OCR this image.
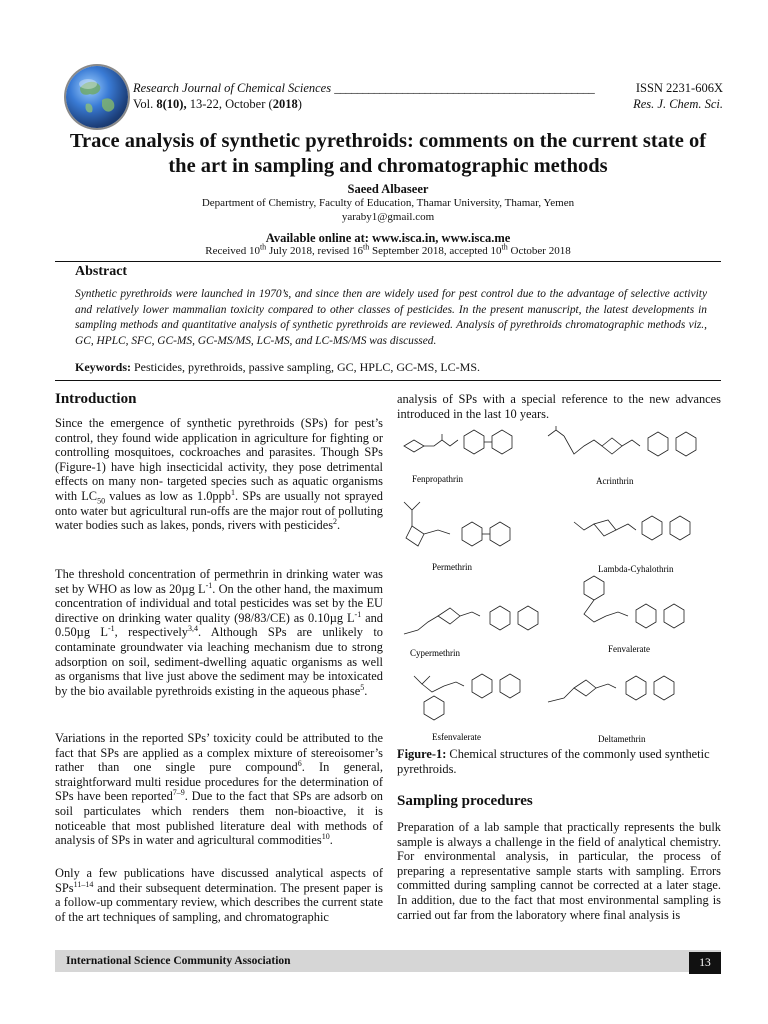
Research Journal of Chemical Sciences ______________________________________________	ISSN 2231-606X
Vol. 8(10), 13-22, October (2018)	Res. J. Chem. Sci.
Trace analysis of synthetic pyrethroids: comments on the current state of the art in sampling and chromatographic methods
Saeed Albaseer
Department of Chemistry, Faculty of Education, Thamar University, Thamar, Yemen
yaraby1@gmail.com
Available online at: www.isca.in, www.isca.me
Received 10th July 2018, revised 16th September 2018, accepted 10th October 2018
Abstract
Synthetic pyrethroids were launched in 1970’s, and since then are widely used for pest control due to the advantage of selective activity and relatively lower mammalian toxicity compared to other classes of pesticides. In the present manuscript, the latest developments in sampling methods and quantitative analysis of synthetic pyrethroids are reviewed. Analysis of pyrethroids chromatographic methods viz., GC, HPLC, SFC, GC-MS, GC-MS/MS, LC-MS, and LC-MS/MS was discussed.
Keywords: Pesticides, pyrethroids, passive sampling, GC, HPLC, GC-MS, LC-MS.
Introduction
Since the emergence of synthetic pyrethroids (SPs) for pest’s control, they found wide application in agriculture for fighting or controlling mosquitoes, cockroaches and parasites. Though SPs (Figure-1) have high insecticidal activity, they pose detrimental effects on many non- targeted species such as aquatic organisms with $LC_{50}$ values as low as 1.0ppb$^1$. SPs are usually not sprayed onto water but agricultural run-offs are the major rout of polluting water bodies such as lakes, ponds, rivers with pesticides$^2$.
The threshold concentration of permethrin in drinking water was set by WHO as low as 20µg $L^{-1}$. On the other hand, the maximum concentration of individual and total pesticides was set by the EU directive on drinking water quality (98/83/CE) as 0.10µg $L^{-1}$ and 0.50µg $L^{-1}$, respectively$^{3,4}$. Although SPs are unlikely to contaminate groundwater via leaching mechanism due to strong adsorption on soil, sediment-dwelling aquatic organisms as well as organisms that live just above the sediment may be intoxicated by the bio available pyrethroids existing in the aqueous phase$^5$.
Variations in the reported SPs’ toxicity could be attributed to the fact that SPs are applied as a complex mixture of stereoisomer’s rather than one single pure compound$^6$. In general, straightforward multi residue procedures for the determination of SPs have been reported$^{7-9}$. Due to the fact that SPs are adsorb on soil particulates which renders them non-bioactive, it is noticeable that most published literature deal with methods of analysis of SPs in water and agricultural commodities$^{10}$.
Only a few publications have discussed analytical aspects of SPs$^{11-14}$ and their subsequent determination. The present paper is a follow-up commentary review, which describes the current state of the art techniques of sampling, and chromatographic
analysis of SPs with a special reference to the new advances introduced in the last 10 years.
Fenpropathrin	Acrinthrin
Permethrin	Lambda-Cyhalothrin
Cypermethrin	Fenvalerate
Esfenvalerate	Deltamethrin
Figure-1: Chemical structures of the commonly used synthetic pyrethroids.
Sampling procedures
Preparation of a lab sample that practically represents the bulk sample is always a challenge in the field of analytical chemistry. For environmental analysis, in particular, the process of preparing a representative sample starts with sampling. Errors committed during sampling cannot be corrected at a later stage. In addition, due to the fact that most environmental sampling is carried out far from the laboratory where final analysis is
International Science Community Association	13
